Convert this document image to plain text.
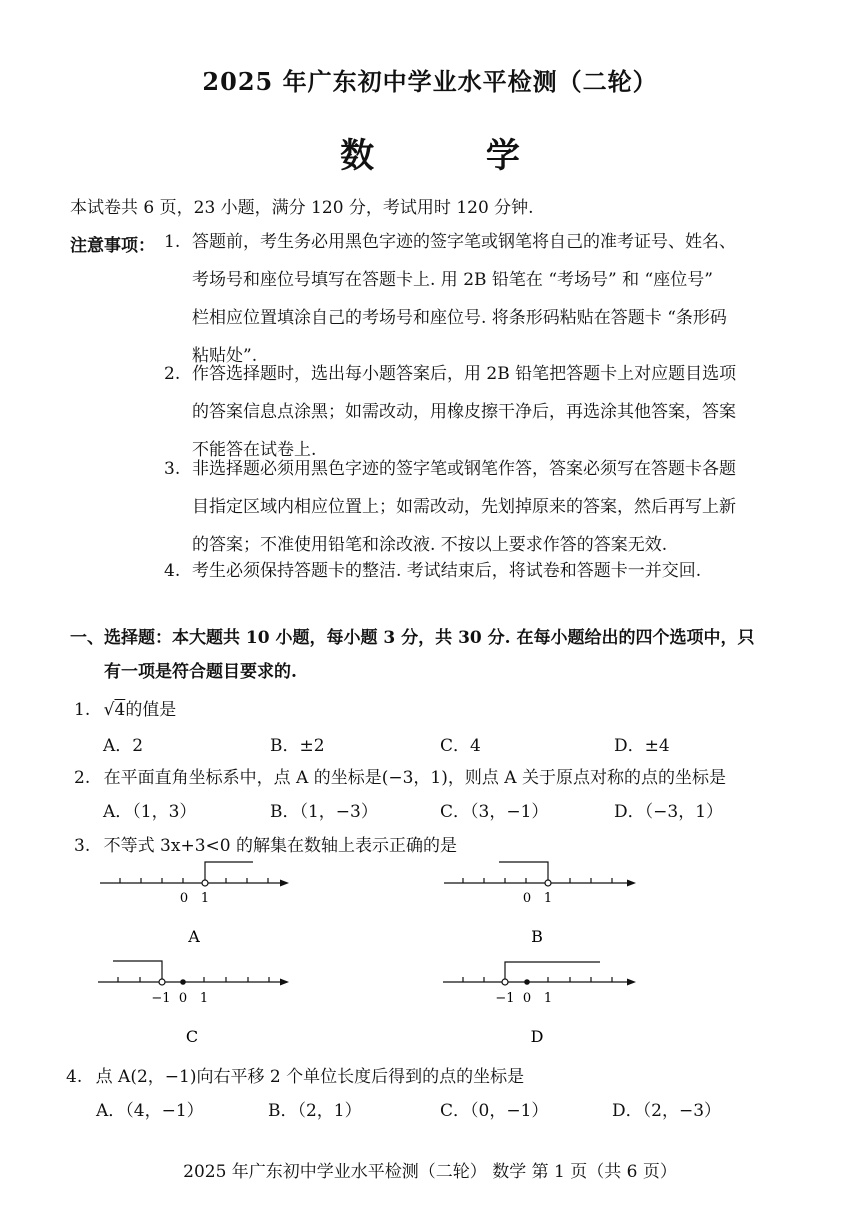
2025 年广东初中学业水平检测（二轮）
数 学
本试卷共 6 页，23 小题，满分 120 分，考试用时 120 分钟.
注意事项： 1. 答题前，考生务必用黑色字迹的签字笔或钢笔将自己的准考证号、姓名、
考场号和座位号填写在答题卡上. 用 2B 铅笔在 “考场号” 和 “座位号”
栏相应位置填涂自己的考场号和座位号. 将条形码粘贴在答题卡 “条形码
粘贴处”.
2. 作答选择题时，选出每小题答案后，用 2B 铅笔把答题卡上对应题目选项
的答案信息点涂黑；如需改动，用橡皮擦干净后，再选涂其他答案，答案
不能答在试卷上.
3. 非选择题必须用黑色字迹的签字笔或钢笔作答，答案必须写在答题卡各题
目指定区域内相应位置上；如需改动，先划掉原来的答案，然后再写上新
的答案；不准使用铅笔和涂改液. 不按以上要求作答的答案无效.
4. 考生必须保持答题卡的整洁. 考试结束后，将试卷和答题卡一并交回.
一、选择题：本大题共 10 小题，每小题 3 分，共 30 分. 在每小题给出的四个选项中，只
有一项是符合题目要求的.
1. √4的值是
A．2	B．±2	C．4	D．±4
2. 在平面直角坐标系中，点 A 的坐标是(−3，1)，则点 A 关于原点对称的点的坐标是
A．（1，3）	B．（1，−3）	C．（3，−1）	D．（−3，1）
3. 不等式 3x+3<0 的解集在数轴上表示正确的是
0 1
A
0 1
B
−1 0 1
C
−1 0 1
D
4. 点 A(2，−1)向右平移 2 个单位长度后得到的点的坐标是
A．（4，−1）	B．（2，1）	C．（0，−1）	D．（2，−3）
2025 年广东初中学业水平检测（二轮） 数学 第 1 页（共 6 页）
